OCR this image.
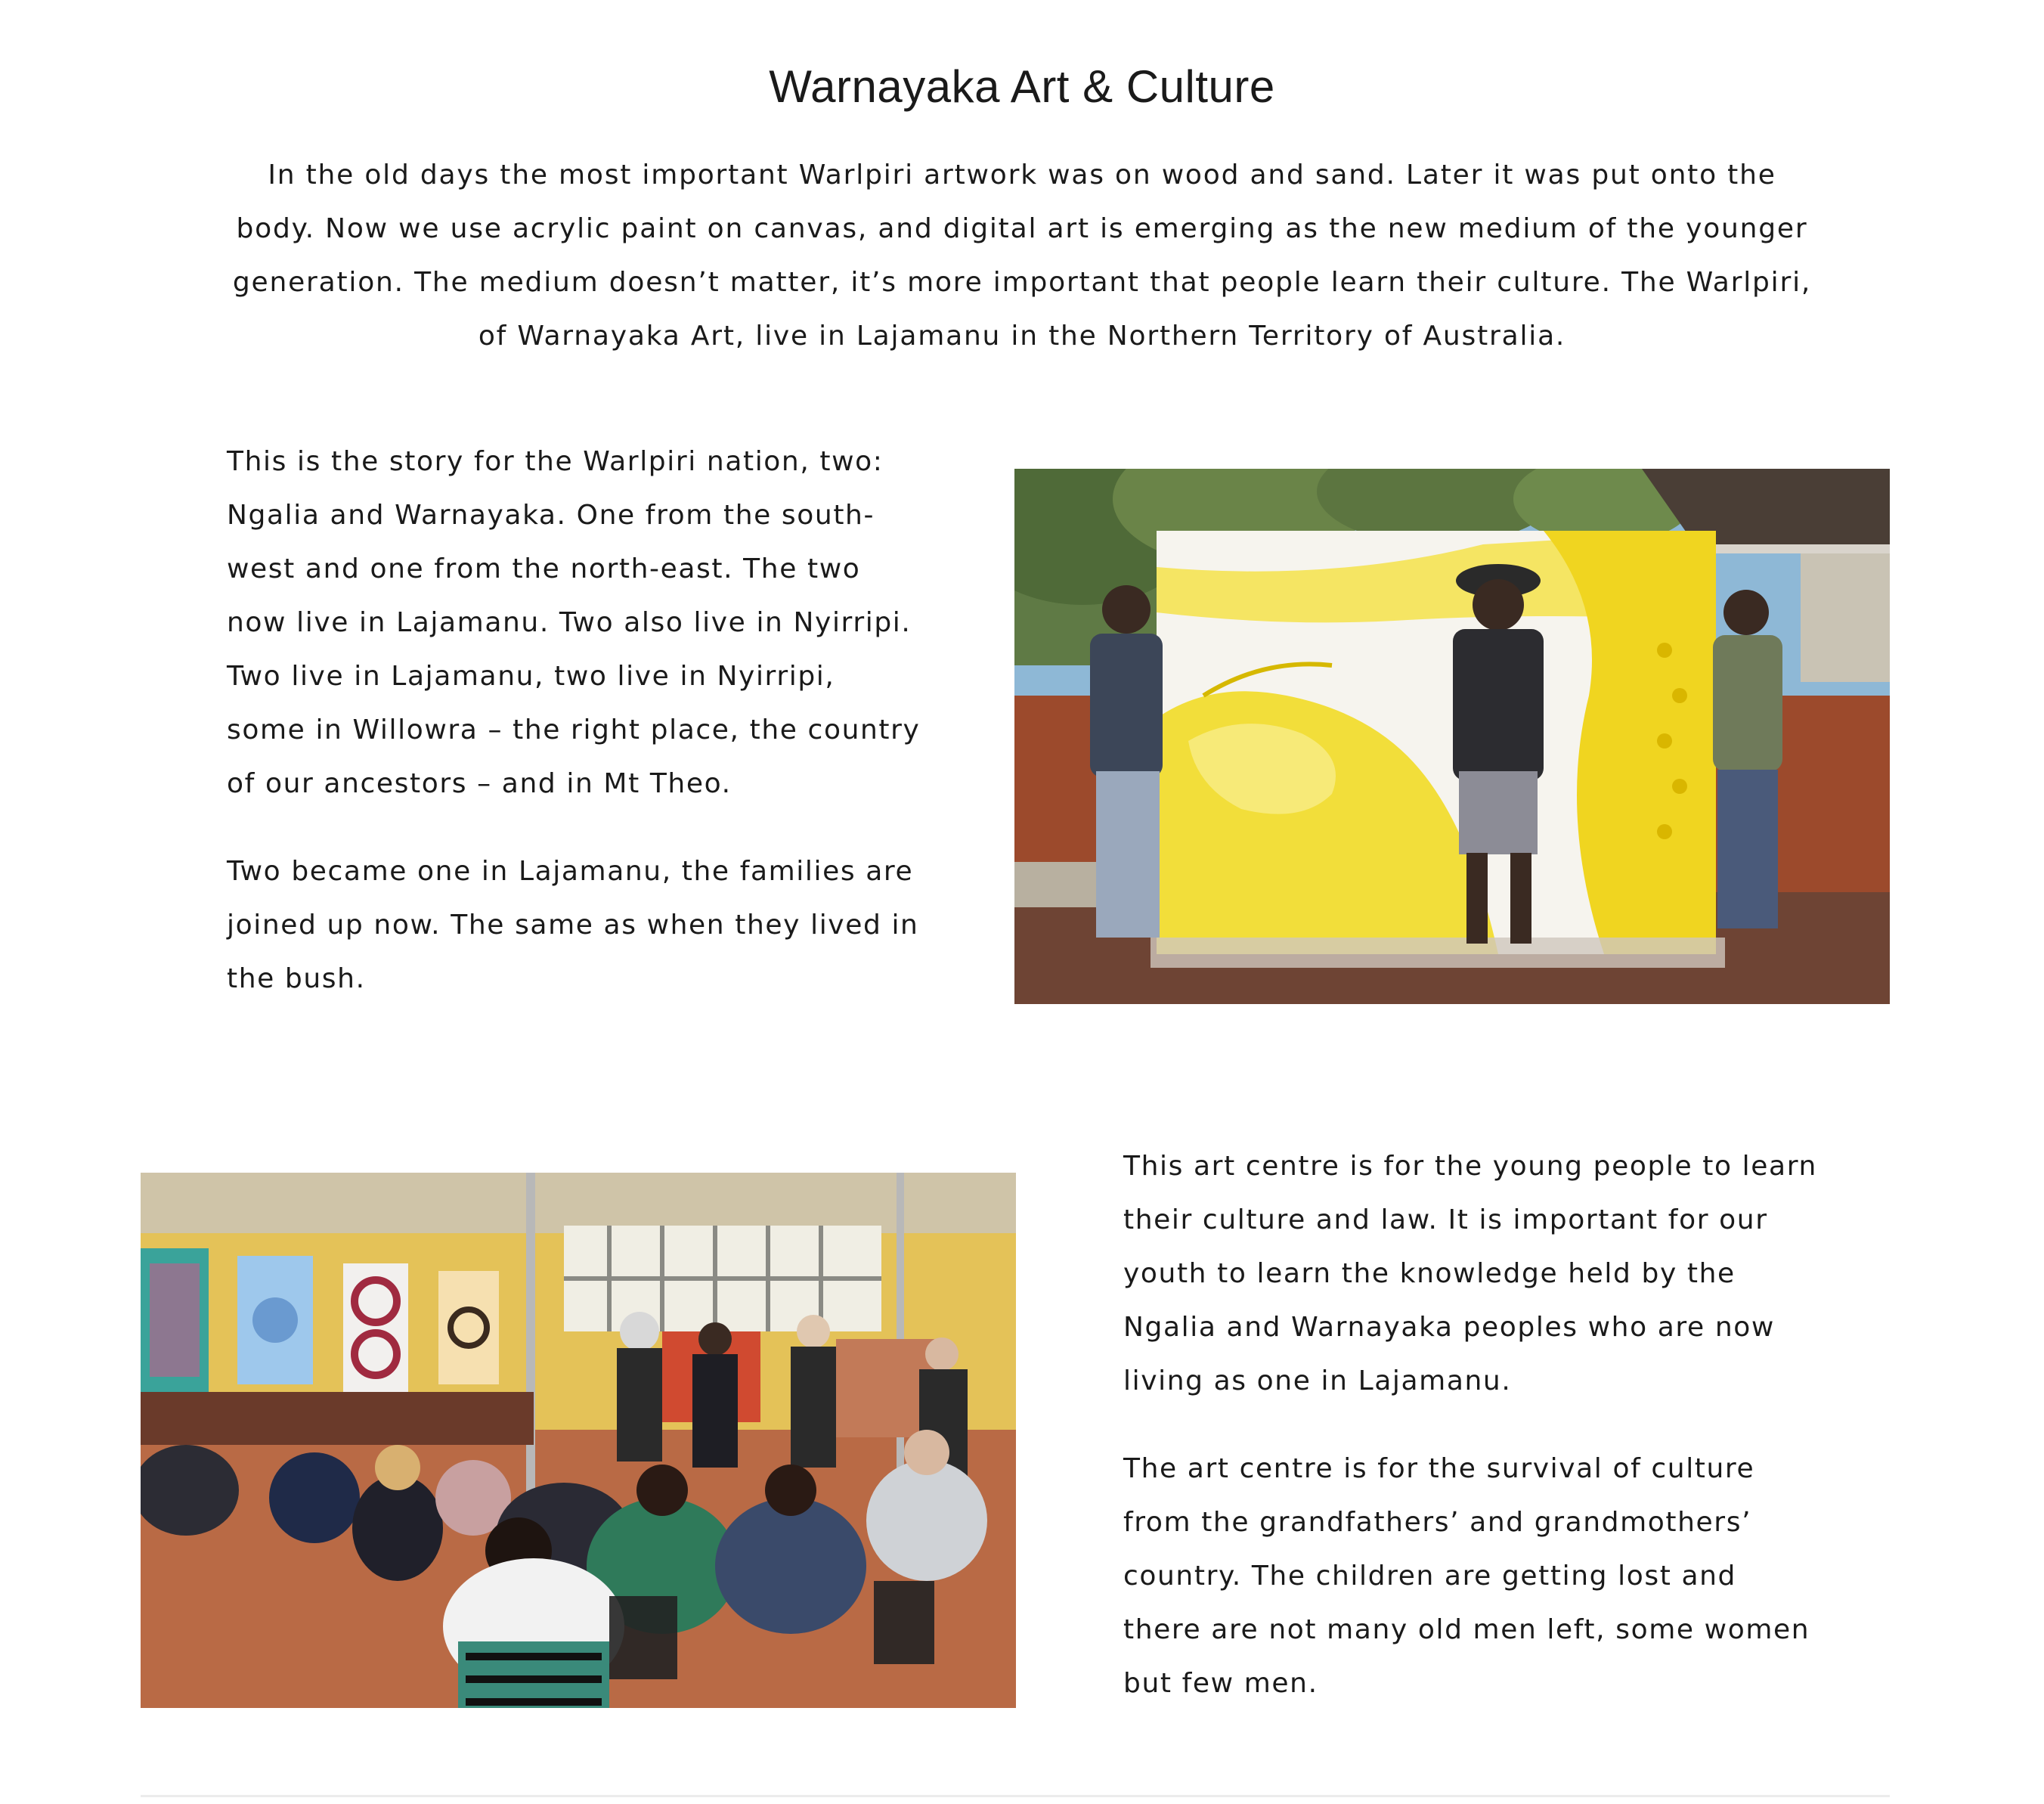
Warnayaka Art & Culture

In the old days the most important Warlpiri artwork was on wood and sand. Later it was put onto the body. Now we use acrylic paint on canvas, and digital art is emerging as the new medium of the younger generation. The medium doesn’t matter, it’s more important that people learn their culture. The Warlpiri, of Warnayaka Art, live in Lajamanu in the Northern Territory of Australia.

This is the story for the Warlpiri nation, two: Ngalia and Warnayaka. One from the south-west and one from the north-east. The two now live in Lajamanu. Two also live in Nyirripi. Two live in Lajamanu, two live in Nyirripi, some in Willowra – the right place, the country of our ancestors – and in Mt Theo.

Two became one in Lajamanu, the families are joined up now. The same as when they lived in the bush.

This art centre is for the young people to learn their culture and law. It is important for our youth to learn the knowledge held by the Ngalia and Warnayaka peoples who are now living as one in Lajamanu.

The art centre is for the survival of culture from the grandfathers’ and grandmothers’ country. The children are getting lost and there are not many old men left, some women but few men.
